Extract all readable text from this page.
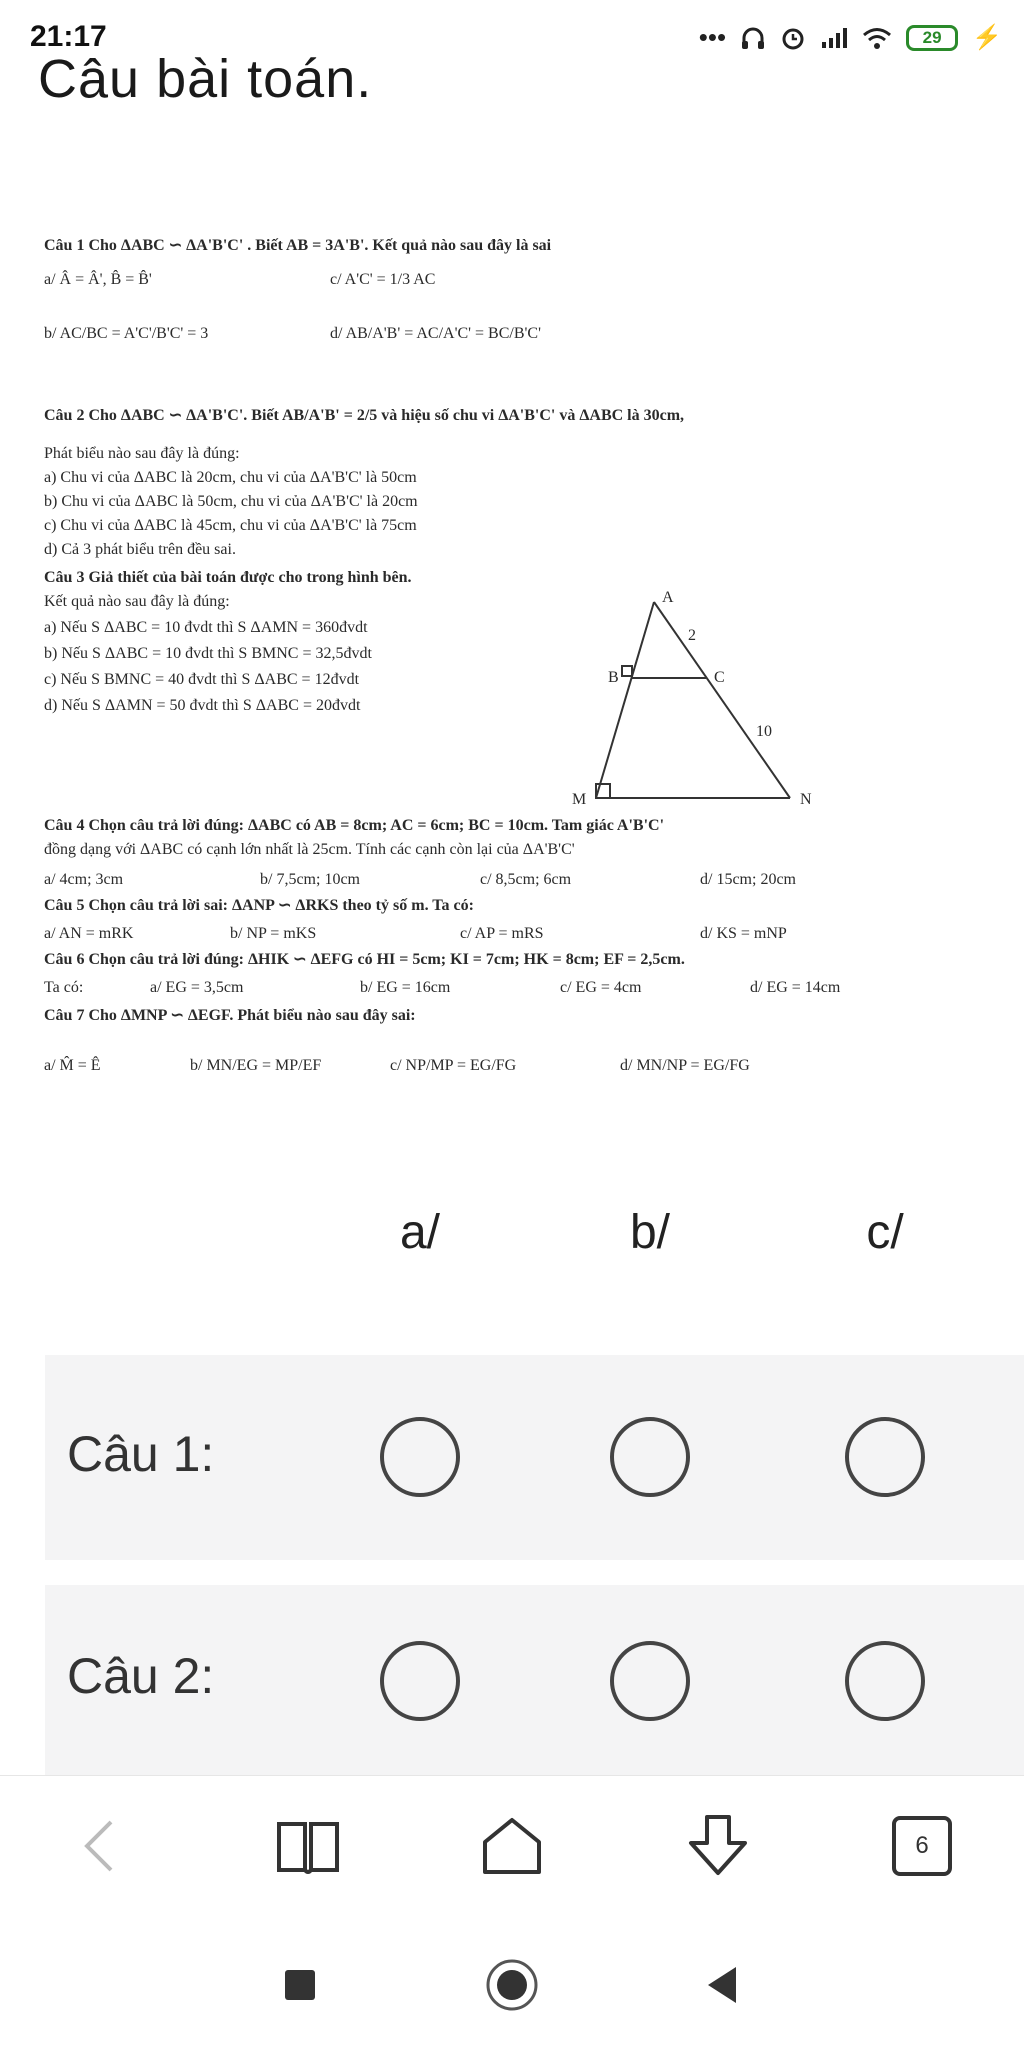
21:17	•••	29	⚡
Câu bài toán.
Câu 1 Cho ΔABC ∽ ΔA'B'C' . Biết AB = 3A'B'. Kết quả nào sau đây là sai
a/ Â = Â', B̂ = B̂'	c/ A'C' = 1/3 AC
b/ AC/BC = A'C'/B'C' = 3	d/ AB/A'B' = AC/A'C' = BC/B'C'
Câu 2 Cho ΔABC ∽ ΔA'B'C'. Biết AB/A'B' = 2/5 và hiệu số chu vi ΔA'B'C' và ΔABC là 30cm,
Phát biểu nào sau đây là đúng:
a) Chu vi của ΔABC là 20cm, chu vi của ΔA'B'C' là 50cm
b) Chu vi của ΔABC là 50cm, chu vi của ΔA'B'C' là 20cm
c) Chu vi của ΔABC là 45cm, chu vi của ΔA'B'C' là 75cm
d) Cả 3 phát biểu trên đều sai.
Câu 3 Giả thiết của bài toán được cho trong hình bên.
Kết quả nào sau đây là đúng:
a) Nếu S ΔABC = 10 đvdt thì S ΔAMN = 360đvdt
b) Nếu S ΔABC = 10 đvdt thì S BMNC = 32,5đvdt
c) Nếu S BMNC = 40 đvdt thì S ΔABC = 12đvdt
d) Nếu S ΔAMN = 50 đvdt thì S ΔABC = 20đvdt
A
B	C
M	N
2
10
Câu 4 Chọn câu trả lời đúng: ΔABC có AB = 8cm; AC = 6cm; BC = 10cm. Tam giác A'B'C'
đồng dạng với ΔABC có cạnh lớn nhất là 25cm. Tính các cạnh còn lại của ΔA'B'C'
a/ 4cm; 3cm	b/ 7,5cm; 10cm	c/ 8,5cm; 6cm	d/ 15cm; 20cm
Câu 5 Chọn câu trả lời sai: ΔANP ∽ ΔRKS theo tỷ số m. Ta có:
a/ AN = mRK	b/ NP = mKS	c/ AP = mRS	d/ KS = mNP
Câu 6 Chọn câu trả lời đúng: ΔHIK ∽ ΔEFG có HI = 5cm; KI = 7cm; HK = 8cm; EF = 2,5cm.
Ta có:	a/ EG = 3,5cm	b/ EG = 16cm	c/ EG = 4cm	d/ EG = 14cm
Câu 7 Cho ΔMNP ∽ ΔEGF. Phát biểu nào sau đây sai:
a/ M̂ = Ê	b/ MN/EG = MP/EF	c/ NP/MP = EG/FG	d/ MN/NP = EG/FG
a/	b/	c/
Câu 1:
Câu 2:
6
